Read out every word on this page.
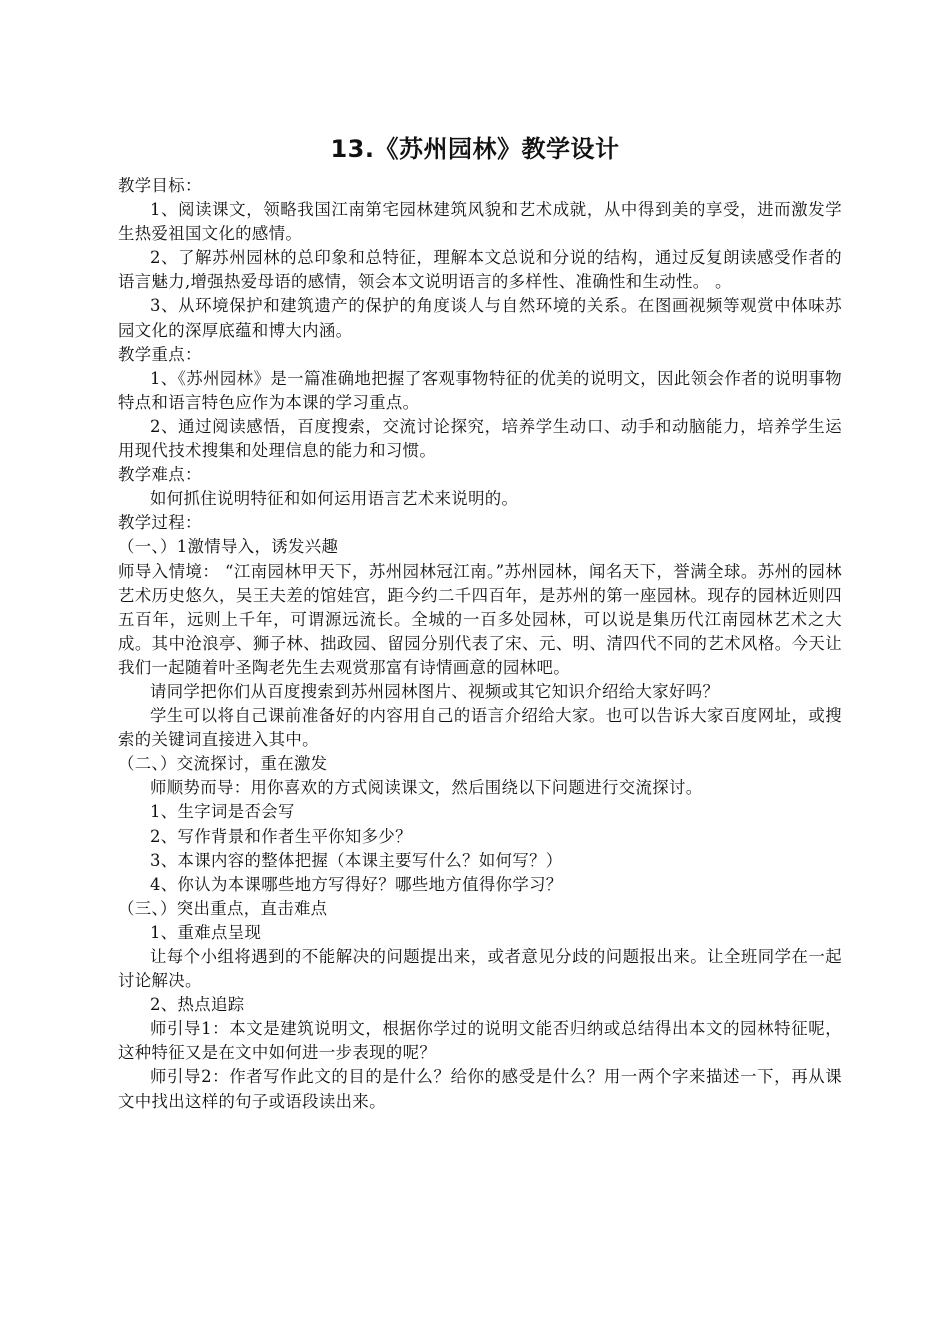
13.《苏州园林》教学设计

教学目标：

1、阅读课文，领略我国江南第宅园林建筑风貌和艺术成就，从中得到美的享受，进而激发学生热爱祖国文化的感情。

2、了解苏州园林的总印象和总特征，理解本文总说和分说的结构，通过反复朗读感受作者的语言魅力,增强热爱母语的感情，领会本文说明语言的多样性、准确性和生动性。 。

3、从环境保护和建筑遗产的保护的角度谈人与自然环境的关系。在图画视频等观赏中体味苏园文化的深厚底蕴和博大内涵。

教学重点：

1、《苏州园林》是一篇准确地把握了客观事物特征的优美的说明文，因此领会作者的说明事物特点和语言特色应作为本课的学习重点。

2、通过阅读感悟，百度搜索，交流讨论探究，培养学生动口、动手和动脑能力，培养学生运用现代技术搜集和处理信息的能力和习惯。

教学难点：

如何抓住说明特征和如何运用语言艺术来说明的。

教学过程：

（一、）1激情导入，诱发兴趣

师导入情境： “江南园林甲天下，苏州园林冠江南。”苏州园林，闻名天下，誉满全球。苏州的园林艺术历史悠久，吴王夫差的馆娃宫，距今约二千四百年，是苏州的第一座园林。现存的园林近则四五百年，远则上千年，可谓源远流长。全城的一百多处园林，可以说是集历代江南园林艺术之大成。其中沧浪亭、狮子林、拙政园、留园分别代表了宋、元、明、清四代不同的艺术风格。今天让我们一起随着叶圣陶老先生去观赏那富有诗情画意的园林吧。

请同学把你们从百度搜索到苏州园林图片、视频或其它知识介绍给大家好吗？

学生可以将自己课前准备好的内容用自己的语言介绍给大家。也可以告诉大家百度网址，或搜索的关键词直接进入其中。

（二、）交流探讨，重在激发

师顺势而导：用你喜欢的方式阅读课文，然后围绕以下问题进行交流探讨。

1、生字词是否会写

2、写作背景和作者生平你知多少？

3、本课内容的整体把握（本课主要写什么？如何写？）

4、你认为本课哪些地方写得好？哪些地方值得你学习？

（三、）突出重点，直击难点

1、重难点呈现

让每个小组将遇到的不能解决的问题提出来，或者意见分歧的问题报出来。让全班同学在一起讨论解决。

2、热点追踪

师引导1：本文是建筑说明文，根据你学过的说明文能否归纳或总结得出本文的园林特征呢，这种特征又是在文中如何进一步表现的呢？

师引导2：作者写作此文的目的是什么？给你的感受是什么？用一两个字来描述一下，再从课文中找出这样的句子或语段读出来。
